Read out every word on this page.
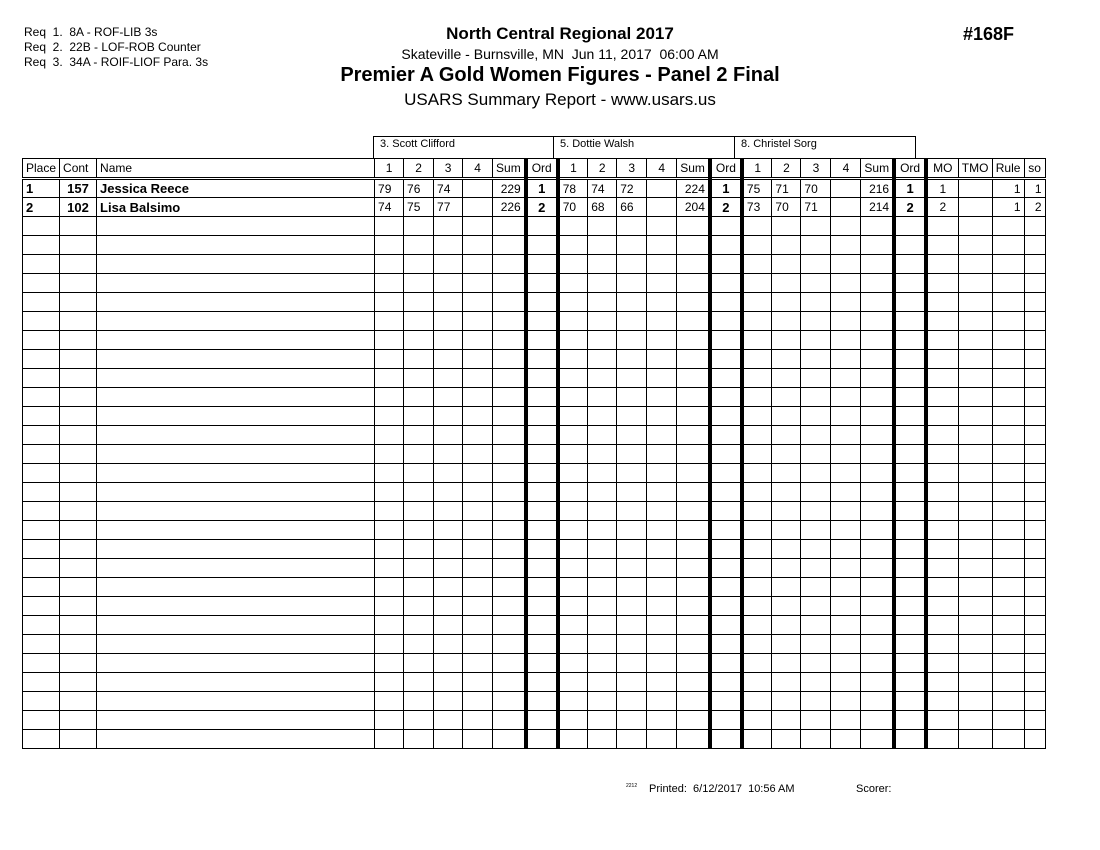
Req  1.  8A - ROF-LIB 3s
Req  2.  22B - LOF-ROB Counter
Req  3.  34A - ROIF-LIOF Para. 3s
North Central Regional 2017
Skateville - Burnsville, MN  Jun 11, 2017  06:00 AM
Premier A Gold Women Figures - Panel 2 Final
USARS Summary Report - www.usars.us
#168F
3. Scott Clifford	5. Dottie Walsh	8. Christel Sorg
Place	Cont	Name	1	2	3	4	Sum	Ord	1	2	3	4	Sum	Ord	1	2	3	4	Sum	Ord	MO	TMO	Rule	so
1	157	Jessica Reece	79	76	74		229	1	78	74	72		224	1	75	71	70		216	1	1		1	1
2	102	Lisa Balsimo	74	75	77		226	2	70	68	66		204	2	73	70	71		214	2	2		1	2

2212 Printed:  6/12/2017  10:56 AM	Scorer:
